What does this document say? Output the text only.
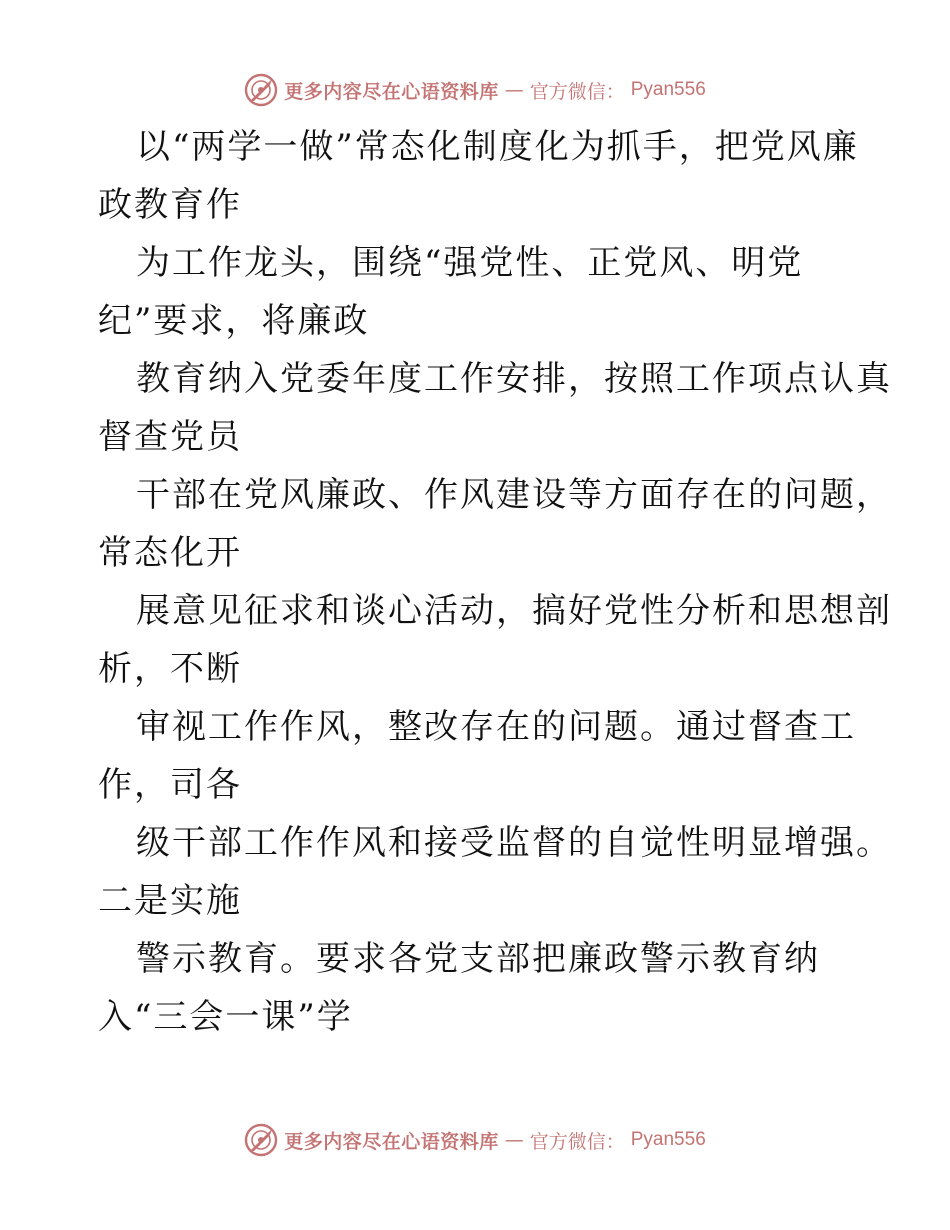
更多内容尽在心语资料库 — 官方微信： Pyan556
以“两学一做”常态化制度化为抓手，把党风廉
政教育作
为工作龙头，围绕“强党性、正党风、明党
纪”要求，将廉政
教育纳入党委年度工作安排，按照工作项点认真
督查党员
干部在党风廉政、作风建设等方面存在的问题，
常态化开
展意见征求和谈心活动，搞好党性分析和思想剖
析，不断
审视工作作风，整改存在的问题。通过督查工
作，司各
级干部工作作风和接受监督的自觉性明显增强。
二是实施
警示教育。要求各党支部把廉政警示教育纳
入“三会一课”学
更多内容尽在心语资料库 — 官方微信： Pyan556
